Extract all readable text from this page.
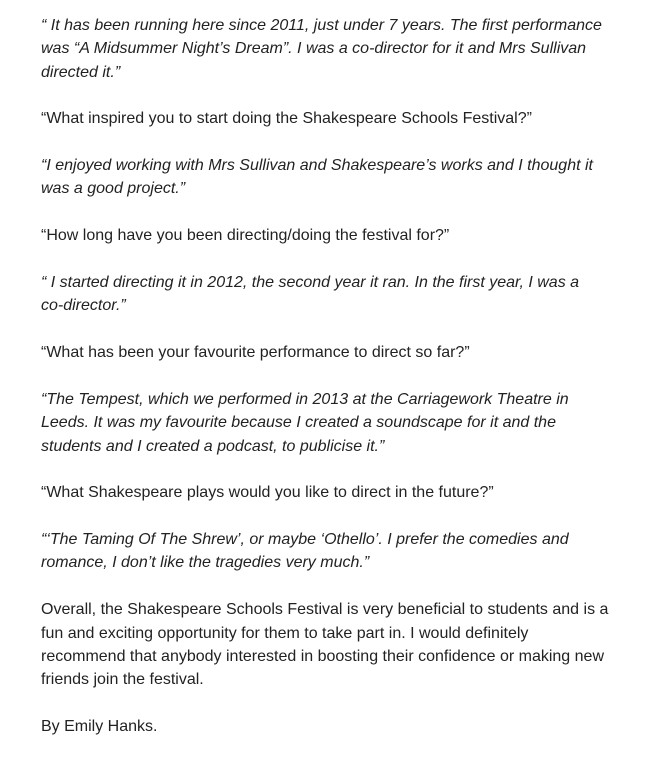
“ It has been running here since 2011, just under 7 years. The first performance
was “A Midsummer Night’s Dream”. I was a co-director for it and Mrs Sullivan
directed it.”

“What inspired you to start doing the Shakespeare Schools Festival?”

“I enjoyed working with Mrs Sullivan and Shakespeare’s works and I thought it
was a good project.”

“How long have you been directing/doing the festival for?”

“ I started directing it in 2012, the second year it ran. In the first year, I was a
co-director.”

“What has been your favourite performance to direct so far?”

“The Tempest, which we performed in 2013 at the Carriagework Theatre in
Leeds. It was my favourite because I created a soundscape for it and the
students and I created a podcast, to publicise it.”

“What Shakespeare plays would you like to direct in the future?”

“‘The Taming Of The Shrew’, or maybe ‘Othello’. I prefer the comedies and
romance, I don’t like the tragedies very much.”

Overall, the Shakespeare Schools Festival is very beneficial to students and is a
fun and exciting opportunity for them to take part in. I would definitely
recommend that anybody interested in boosting their confidence or making new
friends join the festival.

By Emily Hanks.
